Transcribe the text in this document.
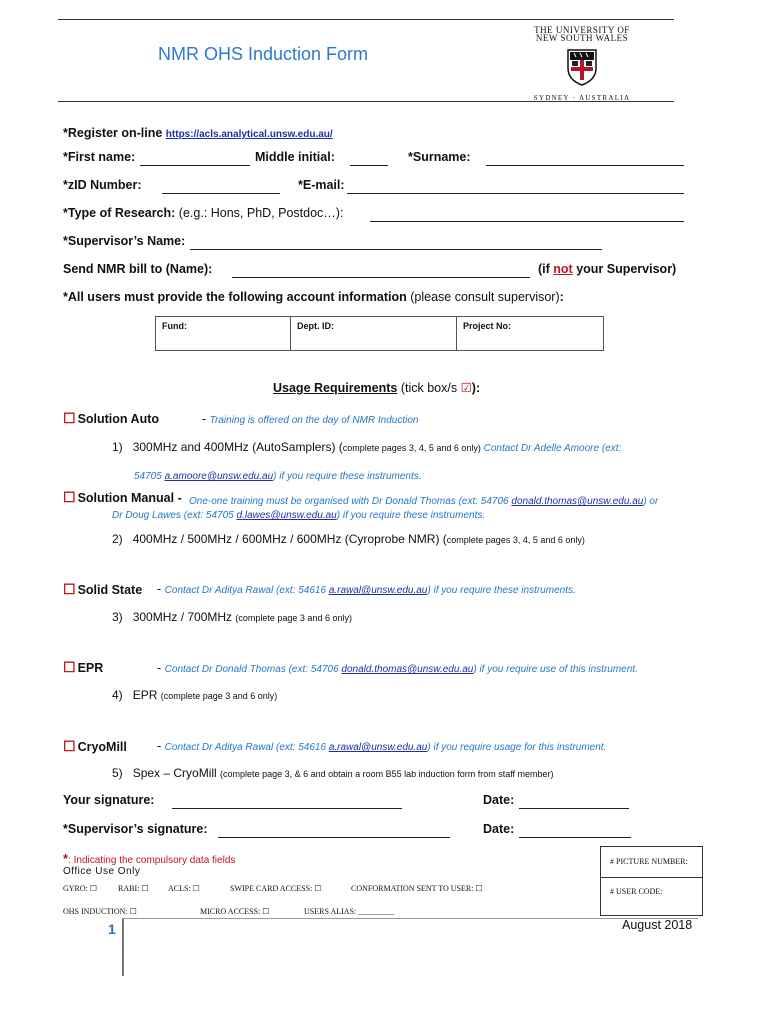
NMR OHS Induction Form
THE UNIVERSITY OF
NEW SOUTH WALES
SYDNEY · AUSTRALIA
*Register on-line https://acls.analytical.unsw.edu.au/
*First name:	Middle initial:	*Surname:
*zID Number:	*E-mail:
*Type of Research: (e.g.: Hons, PhD, Postdoc…):
*Supervisor’s Name:
Send NMR bill to (Name):	(if not your Supervisor)
*All users must provide the following account information (please consult supervisor):
Fund:	Dept. ID:	Project No:
Usage Requirements (tick box/s ☑):
☐ Solution Auto	- Training is offered on the day of NMR Induction
1) 300MHz and 400MHz (AutoSamplers) (complete pages 3, 4, 5 and 6 only) Contact Dr Adelle Amoore (ext:
54705 a.amoore@unsw.edu.au) if you require these instruments.
☐ Solution Manual - One-one training must be organised with Dr Donald Thomas (ext: 54706 donald.thomas@unsw.edu.au) or
Dr Doug Lawes (ext: 54705 d.lawes@unsw.edu.au) if you require these instruments.
2) 400MHz / 500MHz / 600MHz / 600MHz (Cyroprobe NMR) (complete pages 3, 4, 5 and 6 only)
☐ Solid State - Contact Dr Aditya Rawal (ext: 54616 a.rawal@unsw.edu.au) if you require these instruments.
3) 300MHz / 700MHz (complete page 3 and 6 only)
☐ EPR	- Contact Dr Donald Thomas (ext: 54706 donald.thomas@unsw.edu.au) if you require use of this instrument.
4) EPR (complete page 3 and 6 only)
☐ CryoMill - Contact Dr Aditya Rawal (ext: 54616 a.rawal@unsw.edu.au) if you require usage for this instrument.
5) Spex – CryoMill (complete page 3, & 6 and obtain a room B55 lab induction form from staff member)
Your signature:	Date:
*Supervisor’s signature:	Date:
*: Indicating the compulsory data fields
Office Use Only
GYRO: ☐	RABI: ☐ ACLS: ☐	SWIPE CARD ACCESS: ☐	CONFORMATION SENT TO USER: ☐
OHS INDUCTION: ☐	MICRO ACCESS: ☐	USERS ALIAS: _________
# PICTURE NUMBER:
# USER CODE:
1	August 2018
